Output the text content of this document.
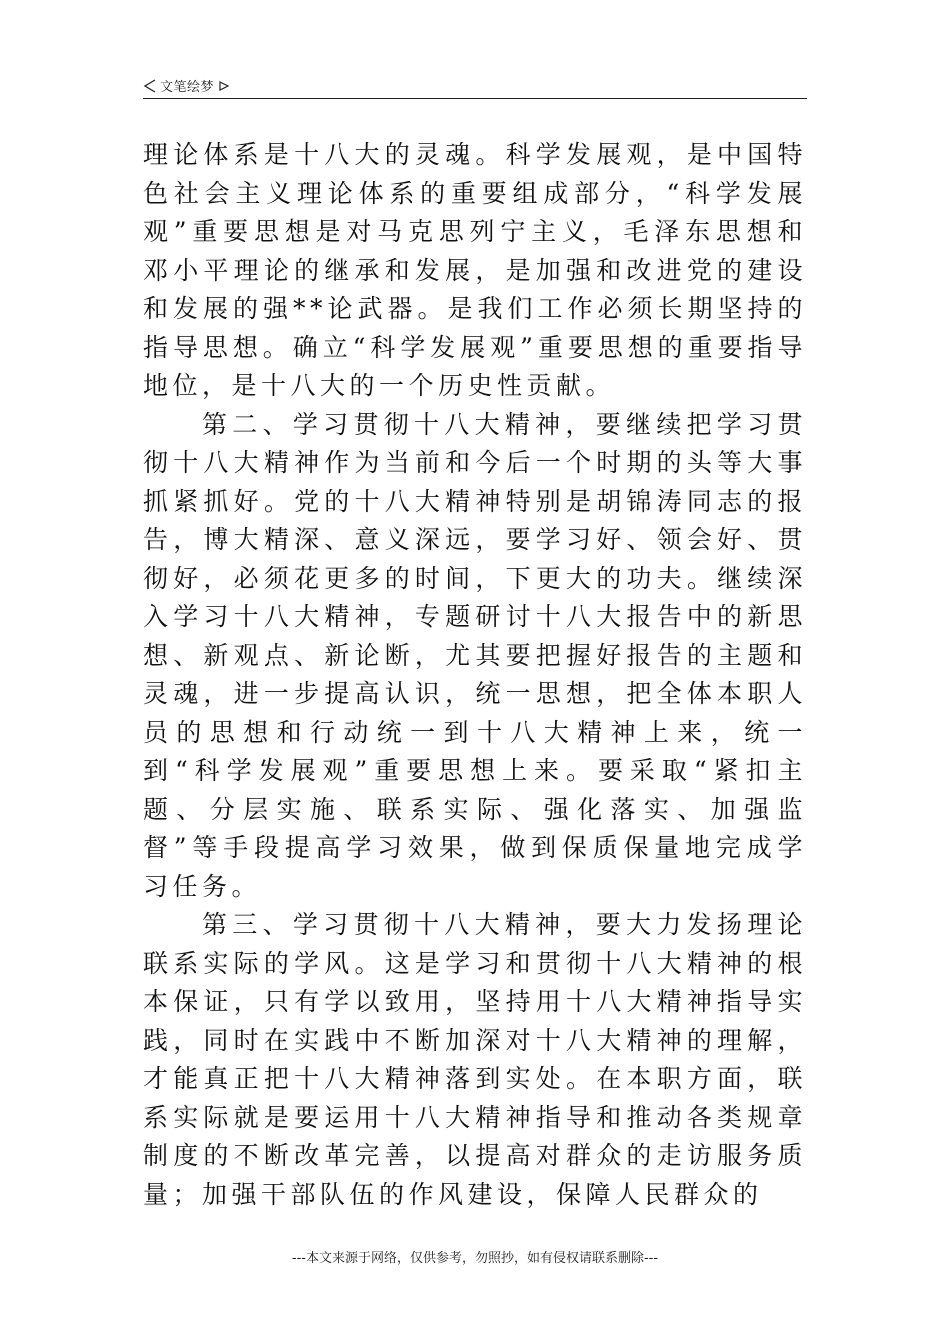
文笔绘梦

理论体系是十八大的灵魂。科学发展观，是中国特色社会主义理论体系的重要组成部分，“科学发展观”重要思想是对马克思列宁主义，毛泽东思想和邓小平理论的继承和发展，是加强和改进党的建设和发展的强**论武器。是我们工作必须长期坚持的指导思想。确立“科学发展观”重要思想的重要指导地位，是十八大的一个历史性贡献。

第二、学习贯彻十八大精神，要继续把学习贯彻十八大精神作为当前和今后一个时期的头等大事抓紧抓好。党的十八大精神特别是胡锦涛同志的报告，博大精深、意义深远，要学习好、领会好、贯彻好，必须花更多的时间，下更大的功夫。继续深入学习十八大精神，专题研讨十八大报告中的新思想、新观点、新论断，尤其要把握好报告的主题和灵魂，进一步提高认识，统一思想，把全体本职人员的思想和行动统一到十八大精神上来，统一到“科学发展观”重要思想上来。要采取“紧扣主题、分层实施、联系实际、强化落实、加强监督”等手段提高学习效果，做到保质保量地完成学习任务。

第三、学习贯彻十八大精神，要大力发扬理论联系实际的学风。这是学习和贯彻十八大精神的根本保证，只有学以致用，坚持用十八大精神指导实践，同时在实践中不断加深对十八大精神的理解，才能真正把十八大精神落到实处。在本职方面，联系实际就是要运用十八大精神指导和推动各类规章制度的不断改革完善，以提高对群众的走访服务质量；加强干部队伍的作风建设，保障人民群众的

---本文来源于网络，仅供参考，勿照抄，如有侵权请联系删除---
